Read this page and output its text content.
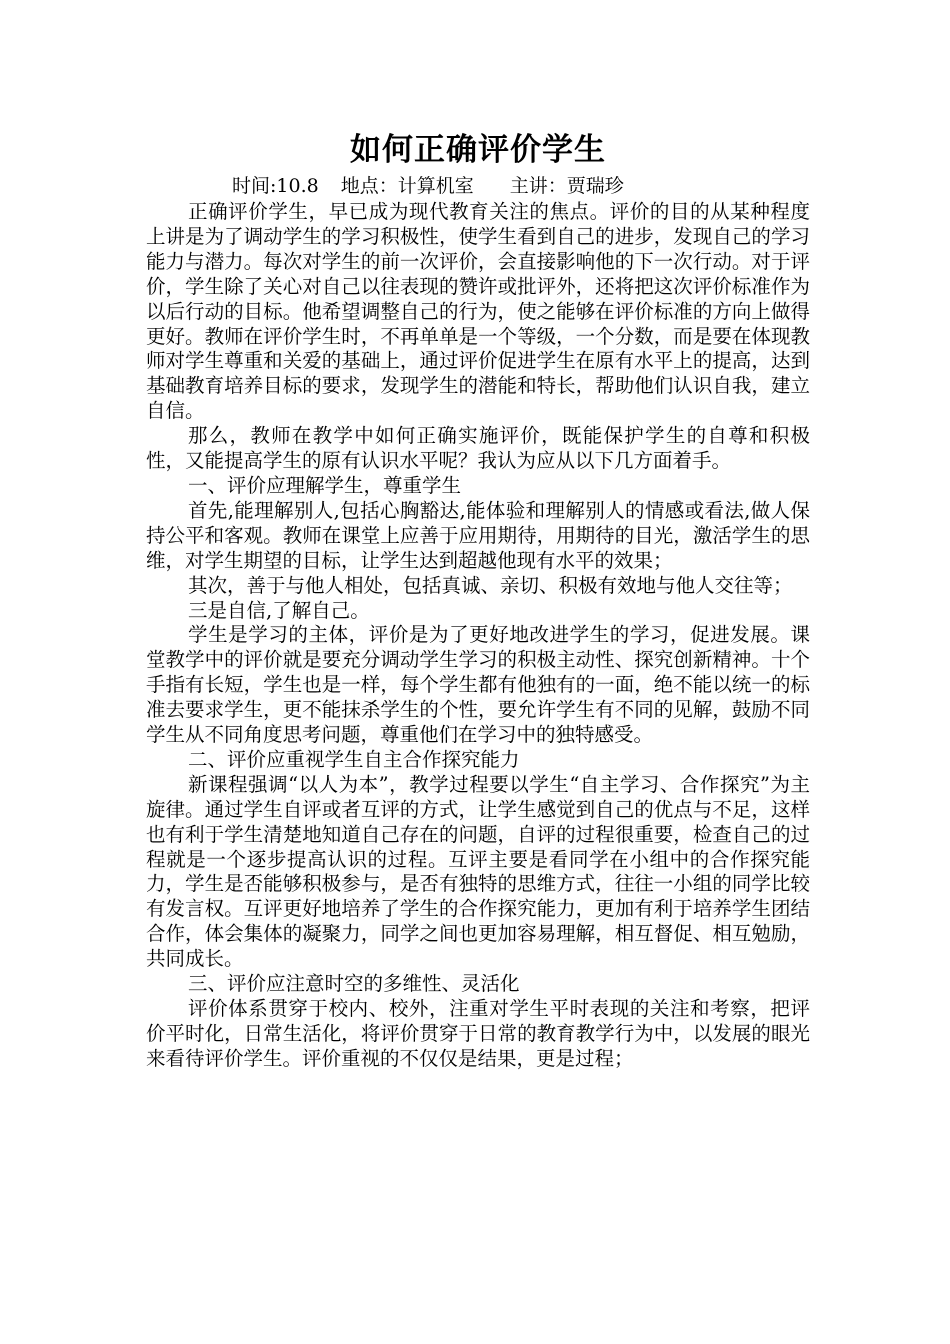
如何正确评价学生
时间:10.8 地点：计算机室 主讲：贾瑞珍

正确评价学生，早已成为现代教育关注的焦点。评价的目的从某种程度上讲是为了调动学生的学习积极性，使学生看到自己的进步，发现自己的学习能力与潜力。每次对学生的前一次评价，会直接影响他的下一次行动。对于评价，学生除了关心对自己以往表现的赞许或批评外，还将把这次评价标准作为以后行动的目标。他希望调整自己的行为，使之能够在评价标准的方向上做得更好。教师在评价学生时，不再单单是一个等级，一个分数，而是要在体现教师对学生尊重和关爱的基础上，通过评价促进学生在原有水平上的提高，达到基础教育培养目标的要求，发现学生的潜能和特长，帮助他们认识自我，建立自信。

那么，教师在教学中如何正确实施评价，既能保护学生的自尊和积极性，又能提高学生的原有认识水平呢？我认为应从以下几方面着手。

一、评价应理解学生，尊重学生

首先,能理解别人,包括心胸豁达,能体验和理解别人的情感或看法,做人保持公平和客观。教师在课堂上应善于应用期待，用期待的目光，激活学生的思维，对学生期望的目标，让学生达到超越他现有水平的效果；

其次，善于与他人相处，包括真诚、亲切、积极有效地与他人交往等；

三是自信,了解自己。

学生是学习的主体，评价是为了更好地改进学生的学习，促进发展。课堂教学中的评价就是要充分调动学生学习的积极主动性、探究创新精神。十个手指有长短，学生也是一样，每个学生都有他独有的一面，绝不能以统一的标准去要求学生，更不能抹杀学生的个性，要允许学生有不同的见解，鼓励不同学生从不同角度思考问题，尊重他们在学习中的独特感受。

二、评价应重视学生自主合作探究能力

新课程强调“以人为本”，教学过程要以学生“自主学习、合作探究”为主旋律。通过学生自评或者互评的方式，让学生感觉到自己的优点与不足，这样也有利于学生清楚地知道自己存在的问题，自评的过程很重要，检查自己的过程就是一个逐步提高认识的过程。互评主要是看同学在小组中的合作探究能力，学生是否能够积极参与，是否有独特的思维方式，往往一小组的同学比较有发言权。互评更好地培养了学生的合作探究能力，更加有利于培养学生团结合作，体会集体的凝聚力，同学之间也更加容易理解，相互督促、相互勉励，共同成长。

三、评价应注意时空的多维性、灵活化

评价体系贯穿于校内、校外，注重对学生平时表现的关注和考察，把评价平时化，日常生活化，将评价贯穿于日常的教育教学行为中，以发展的眼光来看待评价学生。评价重视的不仅仅是结果，更是过程；
